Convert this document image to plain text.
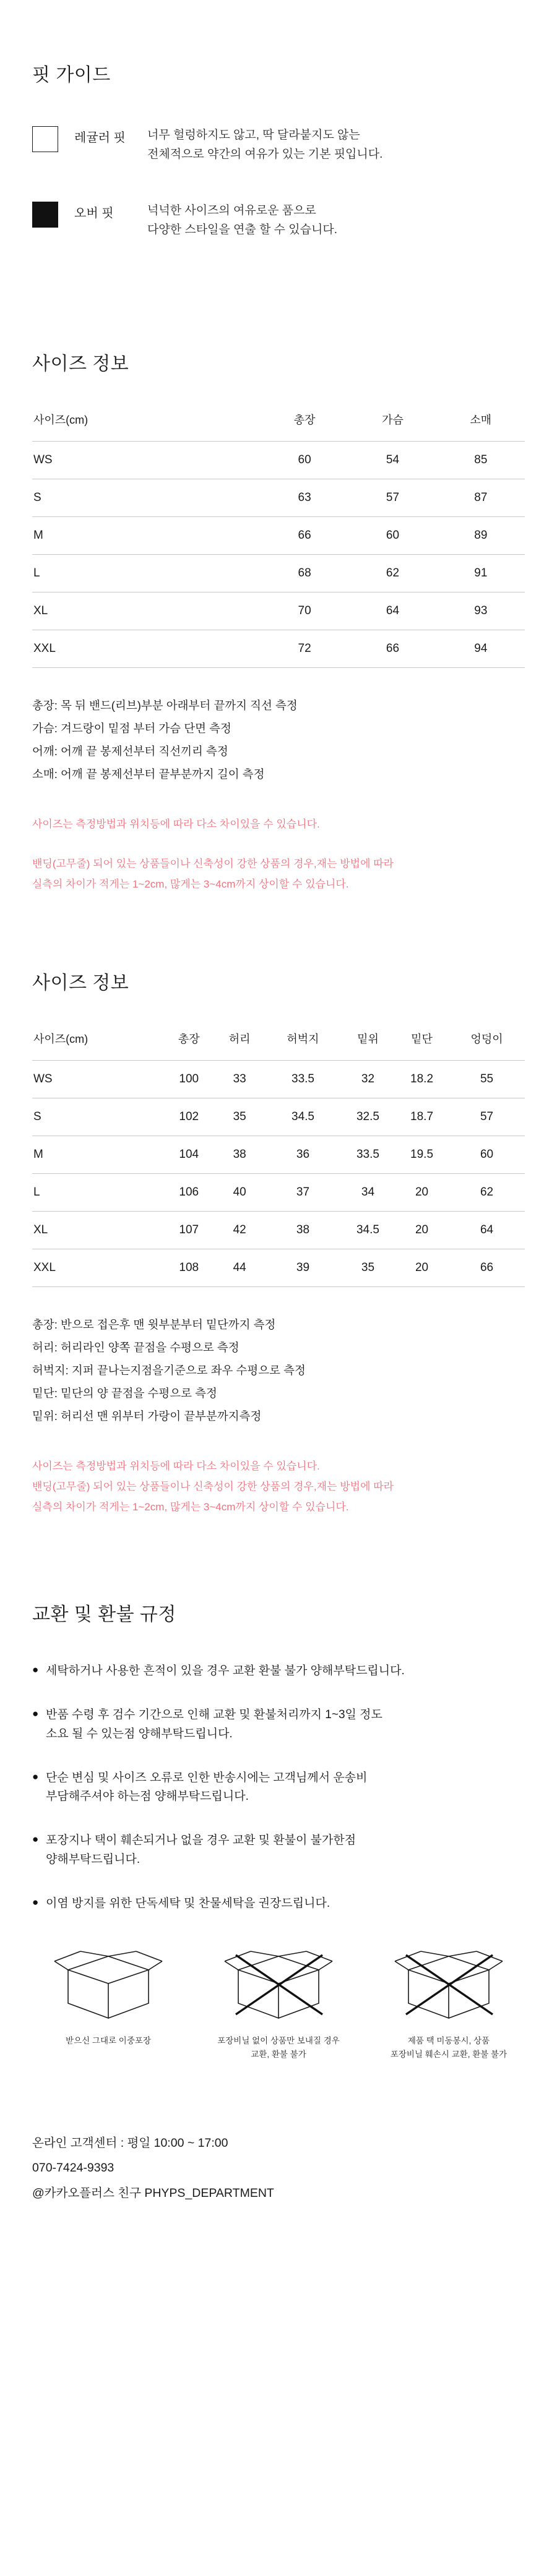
핏 가이드
레귤러 핏	너무 헐렁하지도 않고, 딱 달라붙지도 않는
전체적으로 약간의 여유가 있는 기본 핏입니다.
오버 핏	넉넉한 사이즈의 여유로운 품으로
다양한 스타일을 연출 할 수 있습니다.
사이즈 정보
사이즈(cm)	총장	가슴	소매
WS	60	54	85
S	63	57	87
M	66	60	89
L	68	62	91
XL	70	64	93
XXL	72	66	94
총장: 목 뒤 밴드(리브)부분 아래부터 끝까지 직선 측정
가슴: 겨드랑이 밑점 부터 가슴 단면 측정
어깨: 어깨 끝 봉제선부터 직선끼리 측정
소매: 어깨 끝 봉제선부터 끝부분까지 길이 측정
사이즈는 측정방법과 위치등에 따라 다소 차이있을 수 있습니다.
밴딩(고무줄) 되어 있는 상품들이나 신축성이 강한 상품의 경우,재는 방법에 따라
실측의 차이가 적게는 1~2cm, 많게는 3~4cm까지 상이할 수 있습니다.
사이즈 정보
사이즈(cm)	총장	허리	허벅지	밑위	밑단	엉덩이
WS	100	33	33.5	32	18.2	55
S	102	35	34.5	32.5	18.7	57
M	104	38	36	33.5	19.5	60
L	106	40	37	34	20	62
XL	107	42	38	34.5	20	64
XXL	108	44	39	35	20	66
총장: 반으로 접은후 맨 윗부분부터 밑단까지 측정
허리: 허리라인 양쪽 끝점을 수평으로 측정
허벅지: 지퍼 끝나는지점을기준으로 좌우 수평으로 측정
밑단: 밑단의 양 끝점을 수평으로 측정
밑위: 허리선 맨 위부터 가랑이 끝부분까지측정
사이즈는 측정방법과 위치등에 따라 다소 차이있을 수 있습니다.
밴딩(고무줄) 되어 있는 상품들이나 신축성이 강한 상품의 경우,재는 방법에 따라
실측의 차이가 적게는 1~2cm, 많게는 3~4cm까지 상이할 수 있습니다.
교환 및 환불 규정
● 세탁하거나 사용한 흔적이 있을 경우 교환 환불 불가 양해부탁드립니다.
● 반품 수령 후 검수 기간으로 인해 교환 및 환불처리까지 1~3일 정도
소요 될 수 있는점 양해부탁드립니다.
● 단순 변심 및 사이즈 오류로 인한 반송시에는 고객님께서 운송비
부담해주셔야 하는점 양해부탁드립니다.
● 포장지나 택이 훼손되거나 없을 경우 교환 및 환불이 불가한점
양해부탁드립니다.
● 이염 방지를 위한 단독세탁 및 찬물세탁을 권장드립니다.
받으신 그대로 이중포장	포장비닐 없이 상품만 보내질 경우
교환, 환불 불가
제품 택 미동봉시, 상품
포장비닐 훼손시 교환, 환불 불가
온라인 고객센터 : 평일 10:00 ~ 17:00
070-7424-9393
@카카오플러스 친구 PHYPS_DEPARTMENT
